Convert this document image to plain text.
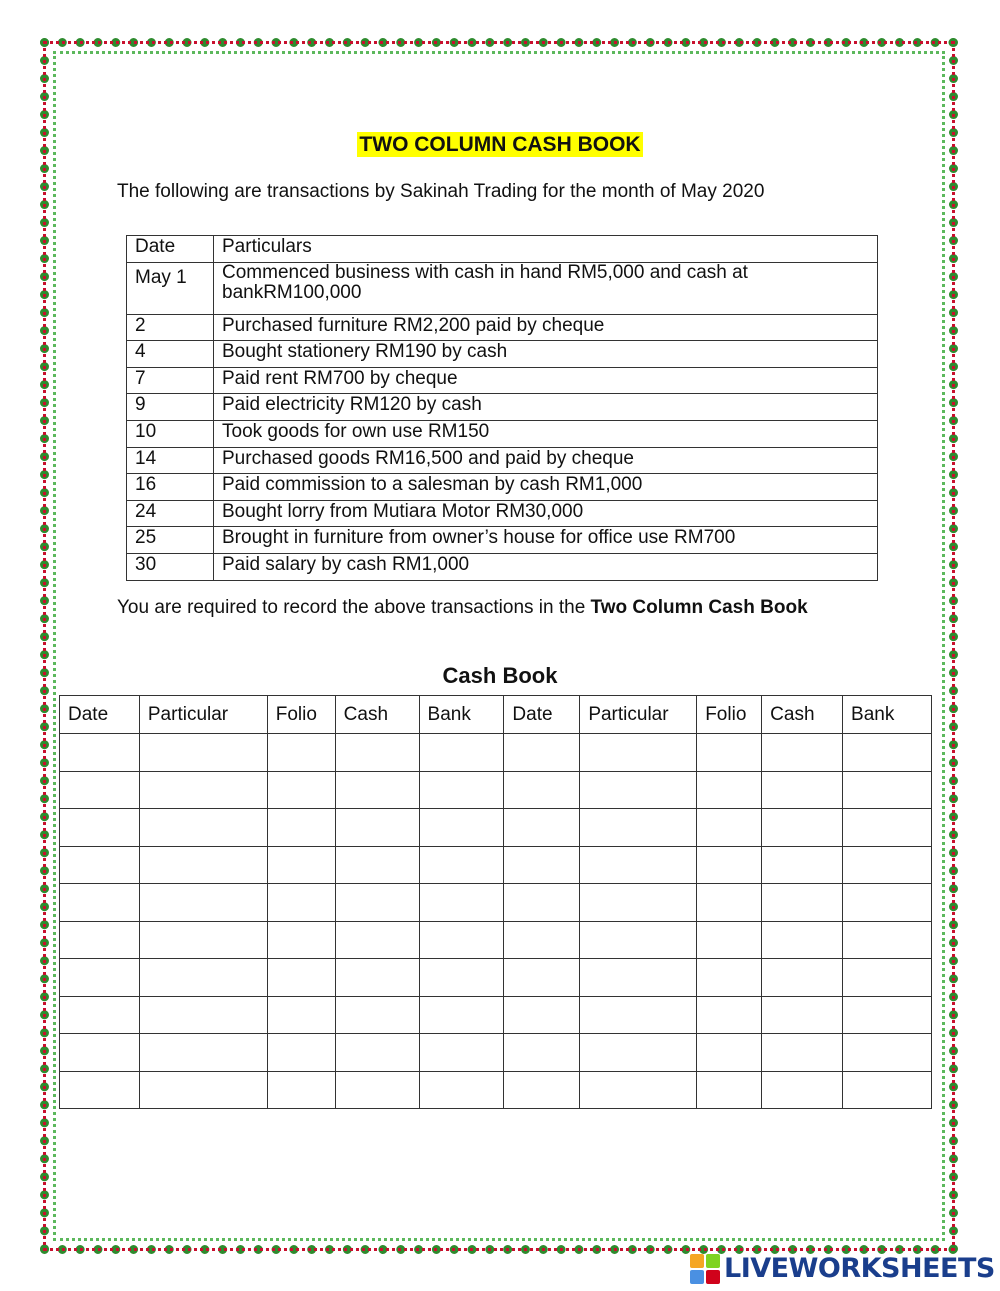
TWO COLUMN CASH BOOK
The following are transactions by Sakinah Trading for the month of May 2020
Date	Particulars
May 1	Commenced business with cash in hand RM5,000 and cash at bankRM100,000
2	Purchased furniture RM2,200 paid by cheque
4	Bought stationery RM190 by cash
7	Paid rent RM700 by cheque
9	Paid electricity RM120 by cash
10	Took goods for own use RM150
14	Purchased goods RM16,500 and paid by cheque
16	Paid commission to a salesman by cash RM1,000
24	Bought lorry from Mutiara Motor RM30,000
25	Brought in furniture from owner’s house for office use RM700
30	Paid salary by cash RM1,000
You are required to record the above transactions in the Two Column Cash Book
Cash Book
Date	Particular	Folio	Cash	Bank	Date	Particular	Folio	Cash	Bank

LIVEWORKSHEETS
